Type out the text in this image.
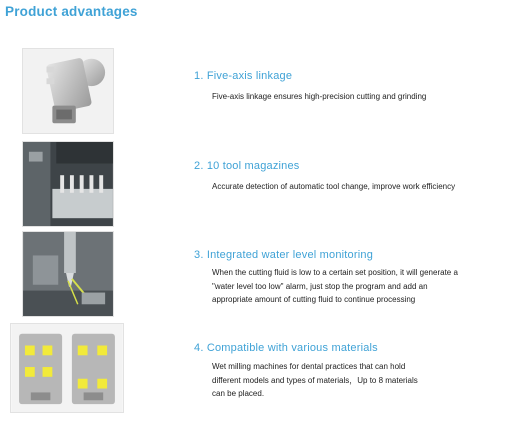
Product advantages
1. Five-axis linkage
Five-axis linkage ensures high-precision cutting and grinding
2. 10 tool magazines
Accurate detection of automatic tool change, improve work efficiency
3. Integrated water level monitoring
When the cutting fluid is low to a certain set position, it will generate a
"water level too low" alarm, just stop the program and add an
appropriate amount of cutting fluid to continue processing
4. Compatible with various materials
Wet milling machines for dental practices that can hold
different models and types of materials，Up to 8 materials
can be placed.
